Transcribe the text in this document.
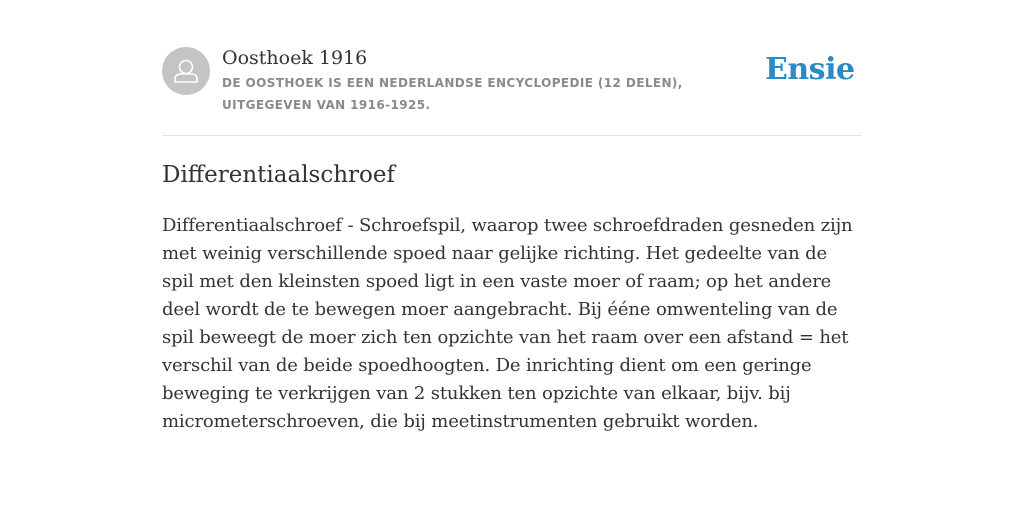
Oosthoek 1916
DE OOSTHOEK IS EEN NEDERLANDSE ENCYCLOPEDIE (12 DELEN), UITGEGEVEN VAN 1916-1925.
Ensie
Differentiaalschroef

Differentiaalschroef - Schroefspil, waarop twee schroefdraden gesneden zijn met weinig verschillende spoed naar gelijke richting. Het gedeelte van de spil met den kleinsten spoed ligt in een vaste moer of raam; op het andere deel wordt de te bewegen moer aangebracht. Bij ééne omwenteling van de spil beweegt de moer zich ten opzichte van het raam over een afstand = het verschil van de beide spoedhoogten. De inrichting dient om een geringe beweging te verkrijgen van 2 stukken ten opzichte van elkaar, bijv. bij micrometerschroeven, die bij meetinstrumenten gebruikt worden.
